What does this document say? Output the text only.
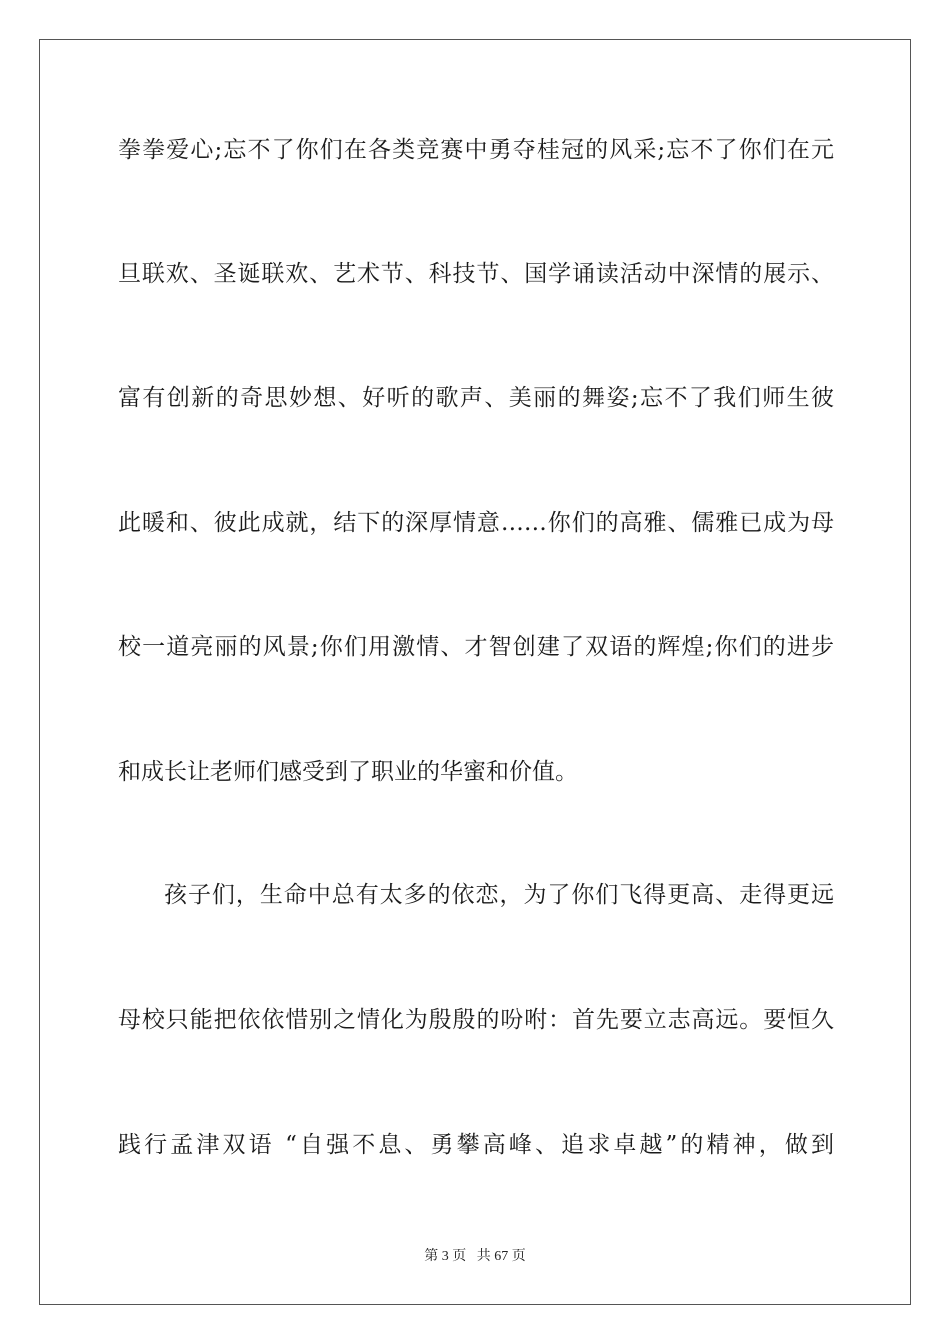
拳拳爱心;忘不了你们在各类竞赛中勇夺桂冠的风采;忘不了你们在元
旦联欢、圣诞联欢、艺术节、科技节、国学诵读活动中深情的展示、
富有创新的奇思妙想、好听的歌声、美丽的舞姿;忘不了我们师生彼
此暖和、彼此成就，结下的深厚情意……你们的高雅、儒雅已成为母
校一道亮丽的风景;你们用激情、才智创建了双语的辉煌;你们的进步
和成长让老师们感受到了职业的华蜜和价值。
孩子们，生命中总有太多的依恋，为了你们飞得更高、走得更远
母校只能把依依惜别之情化为殷殷的吩咐：首先要立志高远。要恒久
践行孟津双语 “自强不息、勇攀高峰、追求卓越”的精神，做到
第 3 页 共 67 页
